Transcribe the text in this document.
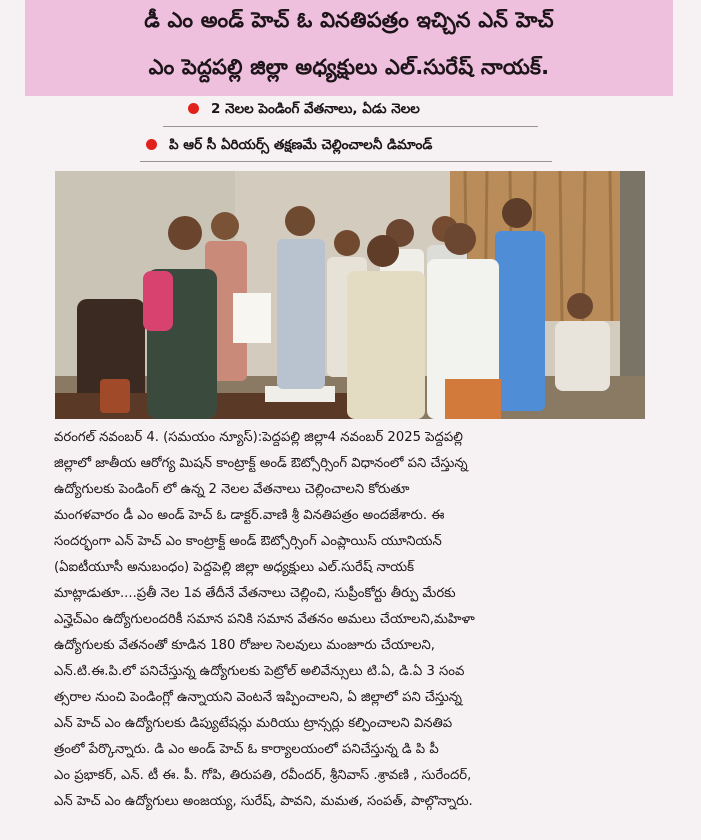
డీ ఎం అండ్ హెచ్ ఓ వినతిపత్రం ఇచ్చిన ఎన్ హెచ్
ఎం పెద్దపల్లి జిల్లా అధ్యక్షులు ఎల్.సురేష్ నాయక్.
2 నెలల పెండింగ్ వేతనాలు, ఏడు నెలల
పి ఆర్ సీ ఏరియర్స్ తక్షణమే చెల్లించాలనీ డిమాండ్
వరంగల్ నవంబర్ 4. (సమయం న్యూస్):పెద్దపల్లి జిల్లా4 నవంబర్ 2025 పెద్దపల్లి
జిల్లాలో జాతీయ ఆరోగ్య మిషన్ కాంట్రాక్ట్ అండ్ ఔట్సోర్సింగ్ విధానంలో పని చేస్తున్న
ఉద్యోగులకు పెండింగ్ లో ఉన్న 2 నెలల వేతనాలు చెల్లించాలని కోరుతూ
మంగళవారం డీ ఎం అండ్ హెచ్ ఓ డాక్టర్.వాణి శ్రీ వినతిపత్రం అందజేశారు. ఈ
సందర్భంగా ఎన్ హెచ్ ఎం కాంట్రాక్ట్ అండ్ ఔట్సోర్సింగ్ ఎంప్లాయిస్ యూనియన్
(ఏఐటీయూసీ అనుబంధం) పెద్దపెల్లి జిల్లా అధ్యక్షులు ఎల్.సురేష్ నాయక్
మాట్లాడుతూ....ప్రతీ నెల 1వ తేదీనే వేతనాలు చెల్లించి, సుప్రీంకోర్టు తీర్పు మేరకు
ఎన్హెచ్ఎం ఉద్యోగులందరికీ సమాన పనికి సమాన వేతనం అమలు చేయాలని,మహిళా
ఉద్యోగులకు వేతనంతో కూడిన 180 రోజుల సెలవులు మంజూరు చేయాలని,
ఎన్.టి.ఈ.పి.లో పనిచేస్తున్న ఉద్యోగులకు పెట్రోల్ అలివేన్సులు టి.ఏ, డి.ఏ 3 సంవ
త్సరాల నుంచి పెండింగ్లో ఉన్నాయని వెంటనే ఇప్పించాలని, ఏ జిల్లాలో పని చేస్తున్న
ఎన్ హెచ్ ఎం ఉద్యోగులకు డిప్యుటేషన్లు మరియు ట్రాన్సర్లు కల్పించాలని వినతిప
త్రంలో పేర్కొన్నారు. డి ఎం అండ్ హెచ్ ఓ కార్యాలయంలో పనిచేస్తున్న డి పి పీ
ఎం ప్రభాకర్, ఎన్. టీ ఈ. పీ. గోపి, తిరుపతి, రవీందర్, శ్రీనివాస్ .శ్రావణి , సురేందర్,
ఎన్ హెచ్ ఎం ఉద్యోగులు అంజయ్య, సురేష్, పావని, మమత, సంపత్, పాల్గొన్నారు.
